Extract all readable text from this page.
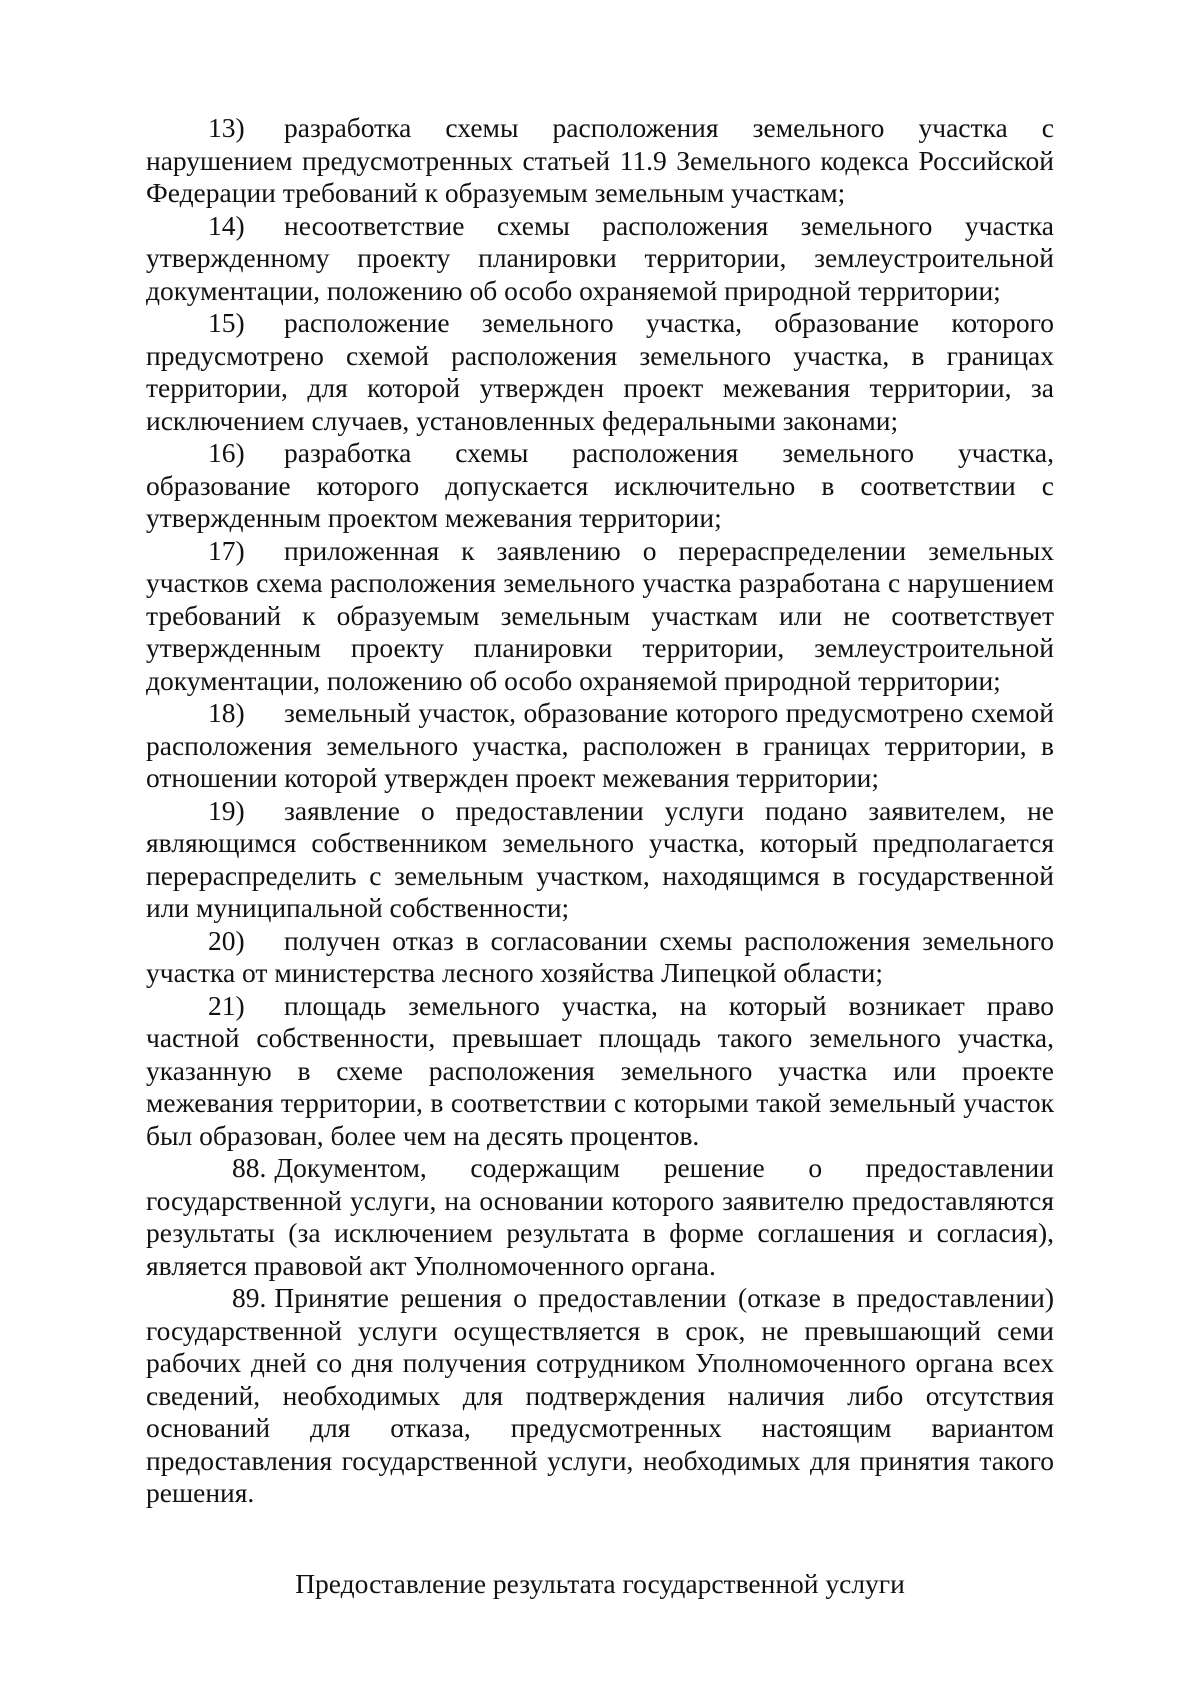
13) разработка схемы расположения земельного участка с нарушением предусмотренных статьей 11.9 Земельного кодекса Российской Федерации требований к образуемым земельным участкам;

14) несоответствие схемы расположения земельного участка утвержденному проекту планировки территории, землеустроительной документации, положению об особо охраняемой природной территории;

15) расположение земельного участка, образование которого предусмотрено схемой расположения земельного участка, в границах территории, для которой утвержден проект межевания территории, за исключением случаев, установленных федеральными законами;

16) разработка схемы расположения земельного участка, образование которого допускается исключительно в соответствии с утвержденным проектом межевания территории;

17) приложенная к заявлению о перераспределении земельных участков схема расположения земельного участка разработана с нарушением требований к образуемым земельным участкам или не соответствует утвержденным проекту планировки территории, землеустроительной документации, положению об особо охраняемой природной территории;

18) земельный участок, образование которого предусмотрено схемой расположения земельного участка, расположен в границах территории, в отношении которой утвержден проект межевания территории;

19) заявление о предоставлении услуги подано заявителем, не являющимся собственником земельного участка, который предполагается перераспределить с земельным участком, находящимся в государственной или муниципальной собственности;

20) получен отказ в согласовании схемы расположения земельного участка от министерства лесного хозяйства Липецкой области;

21) площадь земельного участка, на который возникает право частной собственности, превышает площадь такого земельного участка, указанную в схеме расположения земельного участка или проекте межевания территории, в соответствии с которыми такой земельный участок был образован, более чем на десять процентов.

88. Документом, содержащим решение о предоставлении государственной услуги, на основании которого заявителю предоставляются результаты (за исключением результата в форме соглашения и согласия), является правовой акт Уполномоченного органа.

89. Принятие решения о предоставлении (отказе в предоставлении) государственной услуги осуществляется в срок, не превышающий семи рабочих дней со дня получения сотрудником Уполномоченного органа всех сведений, необходимых для подтверждения наличия либо отсутствия оснований для отказа, предусмотренных настоящим вариантом предоставления государственной услуги, необходимых для принятия такого решения.

Предоставление результата государственной услуги
